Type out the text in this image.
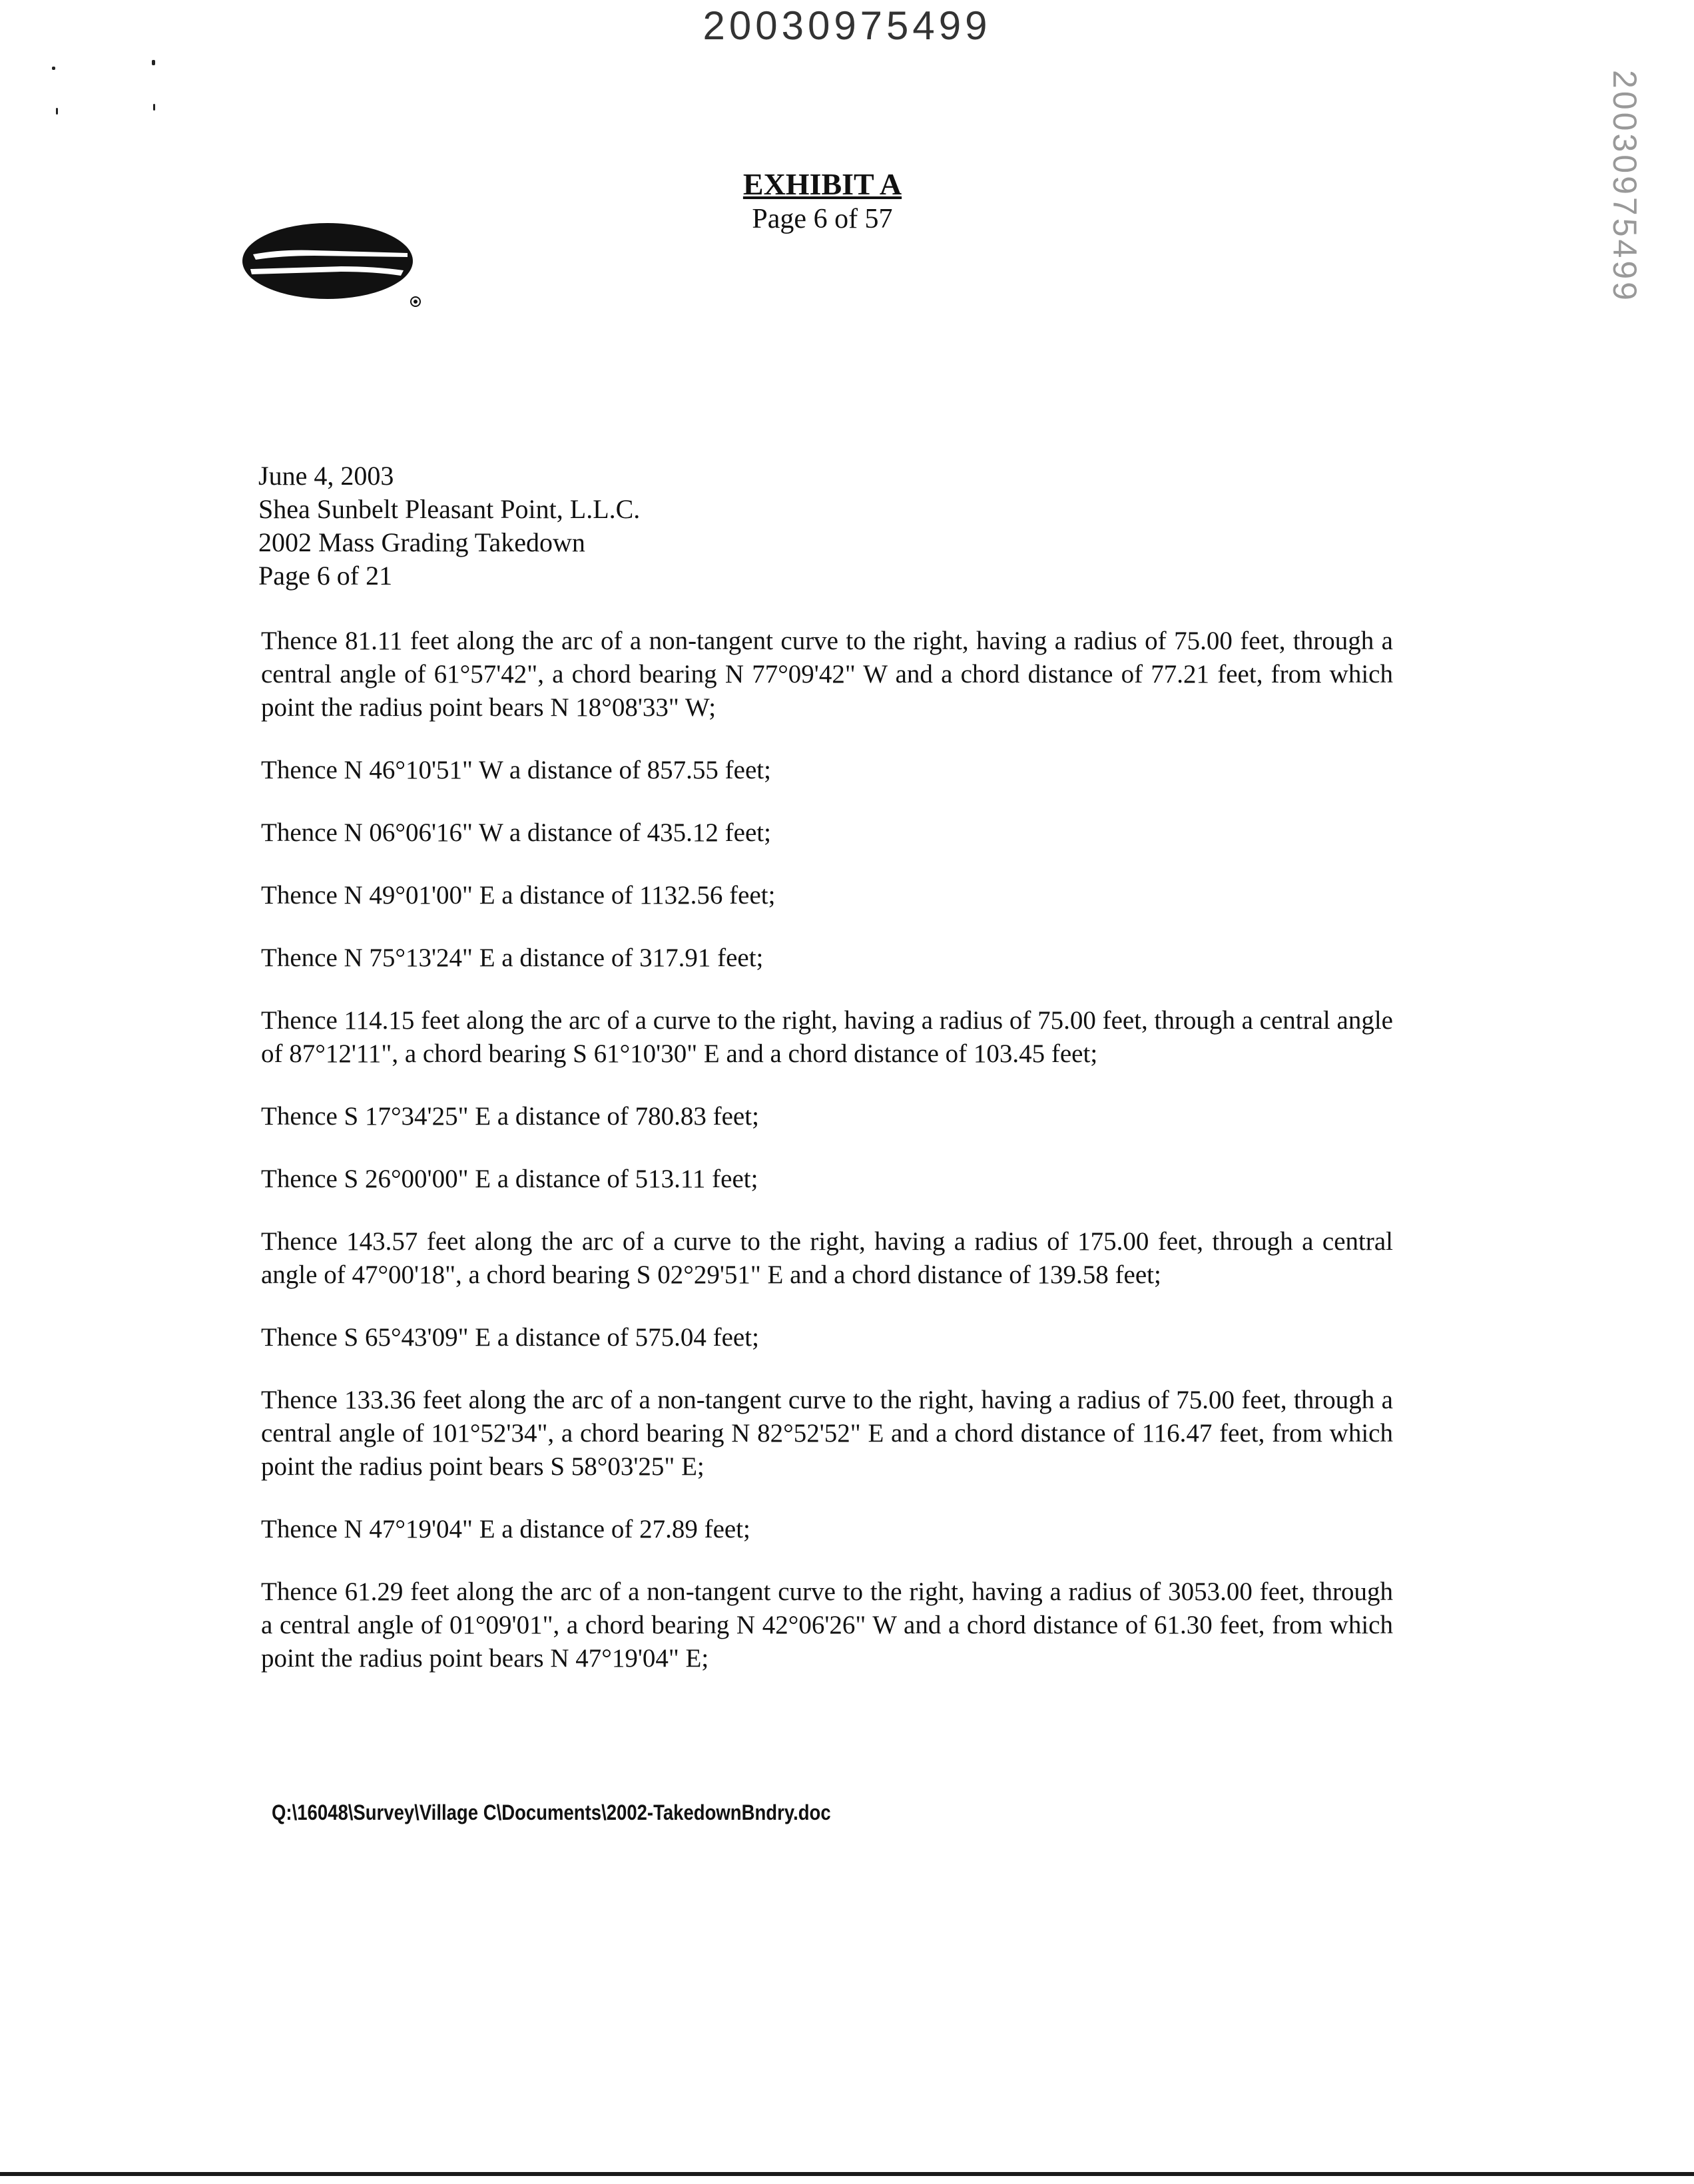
20030975499
20030975499

EXHIBIT A

Page 6 of 57

June 4, 2003
Shea Sunbelt Pleasant Point, L.L.C.
2002 Mass Grading Takedown
Page 6 of 21

Thence 81.11 feet along the arc of a non-tangent curve to the right, having a radius of 75.00 feet, through a central angle of 61°57'42", a chord bearing N 77°09'42" W and a chord distance of 77.21 feet, from which point the radius point bears N 18°08'33" W;

Thence N 46°10'51" W a distance of 857.55 feet;

Thence N 06°06'16" W a distance of 435.12 feet;

Thence N 49°01'00" E a distance of 1132.56 feet;

Thence N 75°13'24" E a distance of 317.91 feet;

Thence 114.15 feet along the arc of a curve to the right, having a radius of 75.00 feet, through a central angle of 87°12'11", a chord bearing S 61°10'30" E and a chord distance of 103.45 feet;

Thence S 17°34'25" E a distance of 780.83 feet;

Thence S 26°00'00" E a distance of 513.11 feet;

Thence 143.57 feet along the arc of a curve to the right, having a radius of 175.00 feet, through a central angle of 47°00'18", a chord bearing S 02°29'51" E and a chord distance of 139.58 feet;

Thence S 65°43'09" E a distance of 575.04 feet;

Thence 133.36 feet along the arc of a non-tangent curve to the right, having a radius of 75.00 feet, through a central angle of 101°52'34", a chord bearing N 82°52'52" E and a chord distance of 116.47 feet, from which point the radius point bears S 58°03'25" E;

Thence N 47°19'04" E a distance of 27.89 feet;

Thence 61.29 feet along the arc of a non-tangent curve to the right, having a radius of 3053.00 feet, through a central angle of 01°09'01", a chord bearing N 42°06'26" W and a chord distance of 61.30 feet, from which point the radius point bears N 47°19'04" E;

Q:\16048\Survey\Village C\Documents\2002-TakedownBndry.doc
